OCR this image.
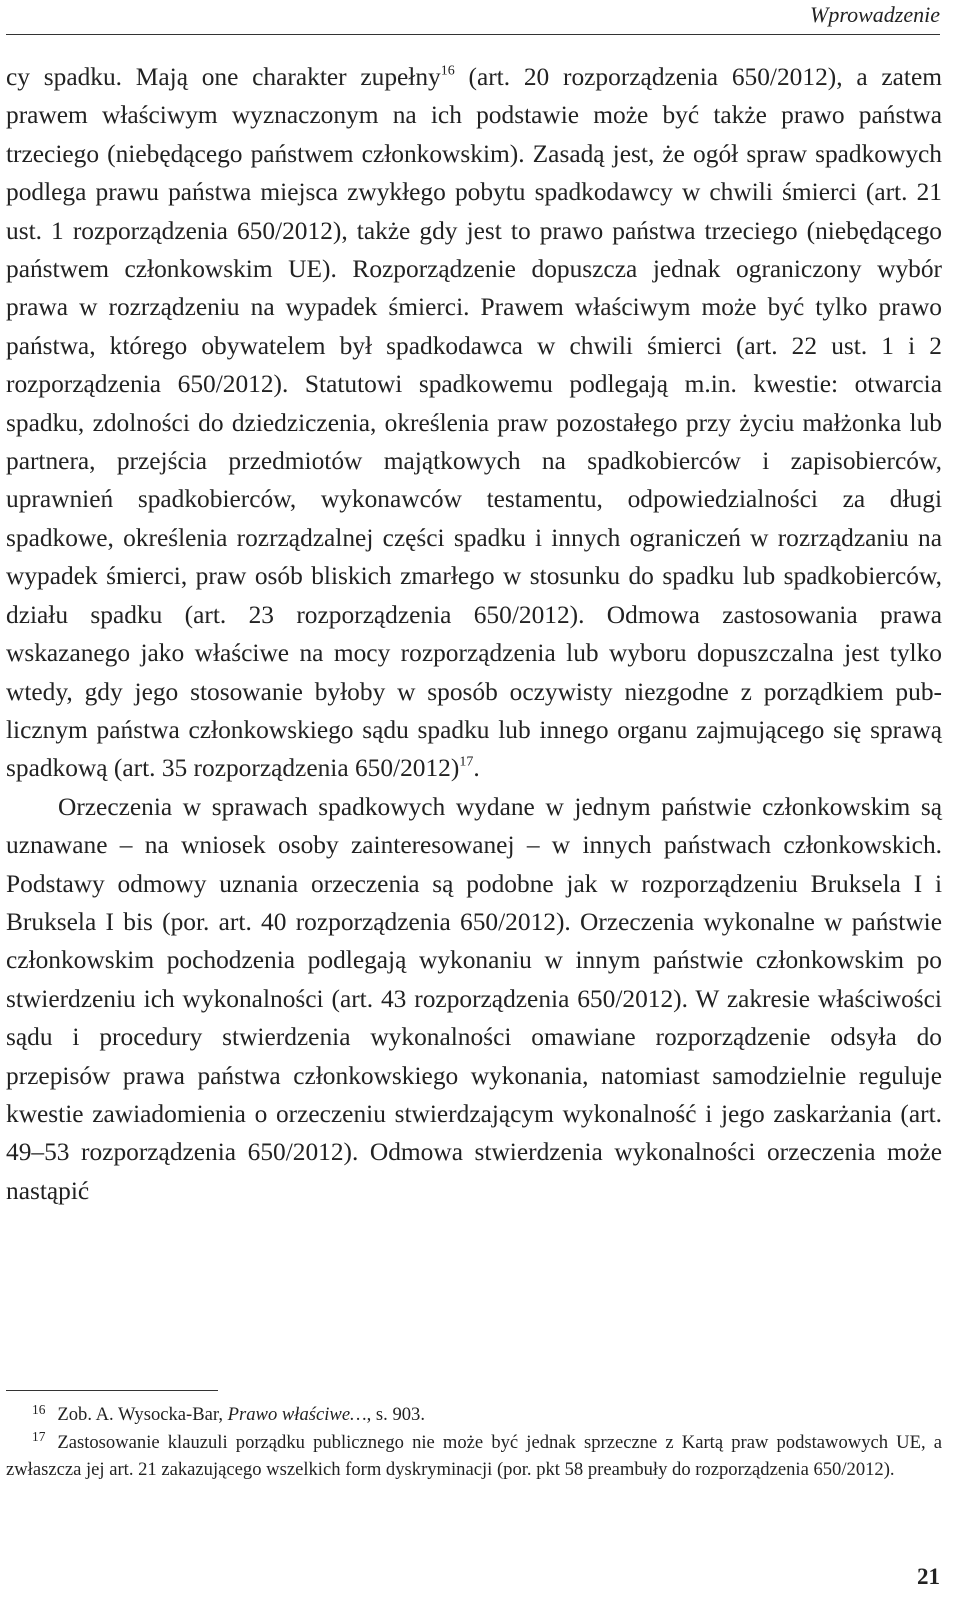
Wprowadzenie

cy spadku. Mają one charakter zupełny$^{16}$ (art. 20 rozporządzenia 650/2012), a zatem prawem właściwym wyznaczonym na ich podstawie może być także prawo państwa trzeciego (niebędącego państwem członkowskim). Zasadą jest, że ogół spraw spadkowych podlega prawu państwa miejsca zwykłego pobytu spadkodawcy w chwili śmierci (art. 21 ust. 1 rozporządzenia 650/2012), także gdy jest to prawo państwa trzeciego (niebędącego państwem członkowskim UE). Rozporządzenie dopuszcza jednak ograniczony wybór prawa w rozrządzeniu na wypadek śmierci. Prawem właściwym może być tylko prawo państwa, którego obywatelem był spadkodawca w chwili śmierci (art. 22 ust. 1 i 2 rozporządzenia 650/2012). Statutowi spadkowemu podlegają m.in. kwestie: otwarcia spadku, zdolności do dziedziczenia, określenia praw pozostałego przy życiu małżonka lub partnera, przejścia przedmiotów majątkowych na spadkobierców i zapisobierców, uprawnień spadkobierców, wykonawców testamentu, odpowiedzialności za długi spadkowe, określenia rozrządzalnej części spadku i innych ograniczeń w rozrządzaniu na wypadek śmierci, praw osób bliskich zmarłego w stosunku do spadku lub spadkobierców, działu spadku (art. 23 rozporządzenia 650/2012). Odmowa zastosowania prawa wskazanego jako właściwe na mocy rozporządzenia lub wyboru dopuszczalna jest tylko wtedy, gdy jego stosowanie byłoby w sposób oczywisty niezgodne z porządkiem publicznym państwa członkowskiego sądu spadku lub innego organu zajmującego się sprawą spadkową (art. 35 rozporządzenia 650/2012)$^{17}$.

Orzeczenia w sprawach spadkowych wydane w jednym państwie członkowskim są uznawane – na wniosek osoby zainteresowanej – w innych państwach członkowskich. Podstawy odmowy uznania orzeczenia są podobne jak w rozporządzeniu Bruksela I i Bruksela I bis (por. art. 40 rozporządzenia 650/2012). Orzeczenia wykonalne w państwie członkowskim pochodzenia podlegają wykonaniu w innym państwie członkowskim po stwierdzeniu ich wykonalności (art. 43 rozporządzenia 650/2012). W zakresie właściwości sądu i procedury stwierdzenia wykonalności omawiane rozporządzenie odsyła do przepisów prawa państwa członkowskiego wykonania, natomiast samodzielnie reguluje kwestie zawiadomienia o orzeczeniu stwierdzającym wykonalność i jego zaskarżania (art. 49–53 rozporządzenia 650/2012). Odmowa stwierdzenia wykonalności orzeczenia może nastąpić

$^{16}$ Zob. A. Wysocka-Bar, Prawo właściwe…, s. 903.

$^{17}$ Zastosowanie klauzuli porządku publicznego nie może być jednak sprzeczne z Kartą praw podstawowych UE, a zwłaszcza jej art. 21 zakazującego wszelkich form dyskryminacji (por. pkt 58 preambuły do rozporządzenia 650/2012).

21
